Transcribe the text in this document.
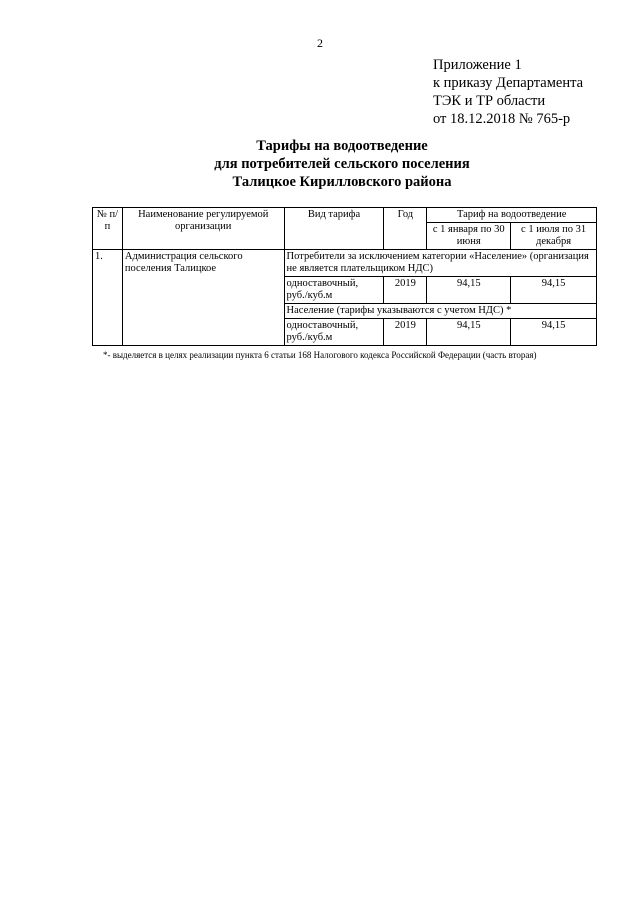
2
Приложение 1
к приказу Департамента
ТЭК и ТР области
от 18.12.2018 № 765-р
Тарифы на водоотведение
для потребителей сельского поселения
Талицкое Кирилловского района
№ п/п	Наименование регулируемой организации	Вид тарифа	Год	Тариф на водоотведение	
				с 1 января по 30 июня	с 1 июля по 31 декабря
1.	Администрация сельского поселения Талицкое	Потребители за исключением категории «Население» (организация не является плательщиком НДС)			
		одноставочный, руб./куб.м	2019	94,15	94,15
		Население (тарифы указываются с учетом НДС) *			
		одноставочный, руб./куб.м	2019	94,15	94,15
*- выделяется в целях реализации пункта 6 статьи 168 Налогового кодекса Российской Федерации (часть вторая)
